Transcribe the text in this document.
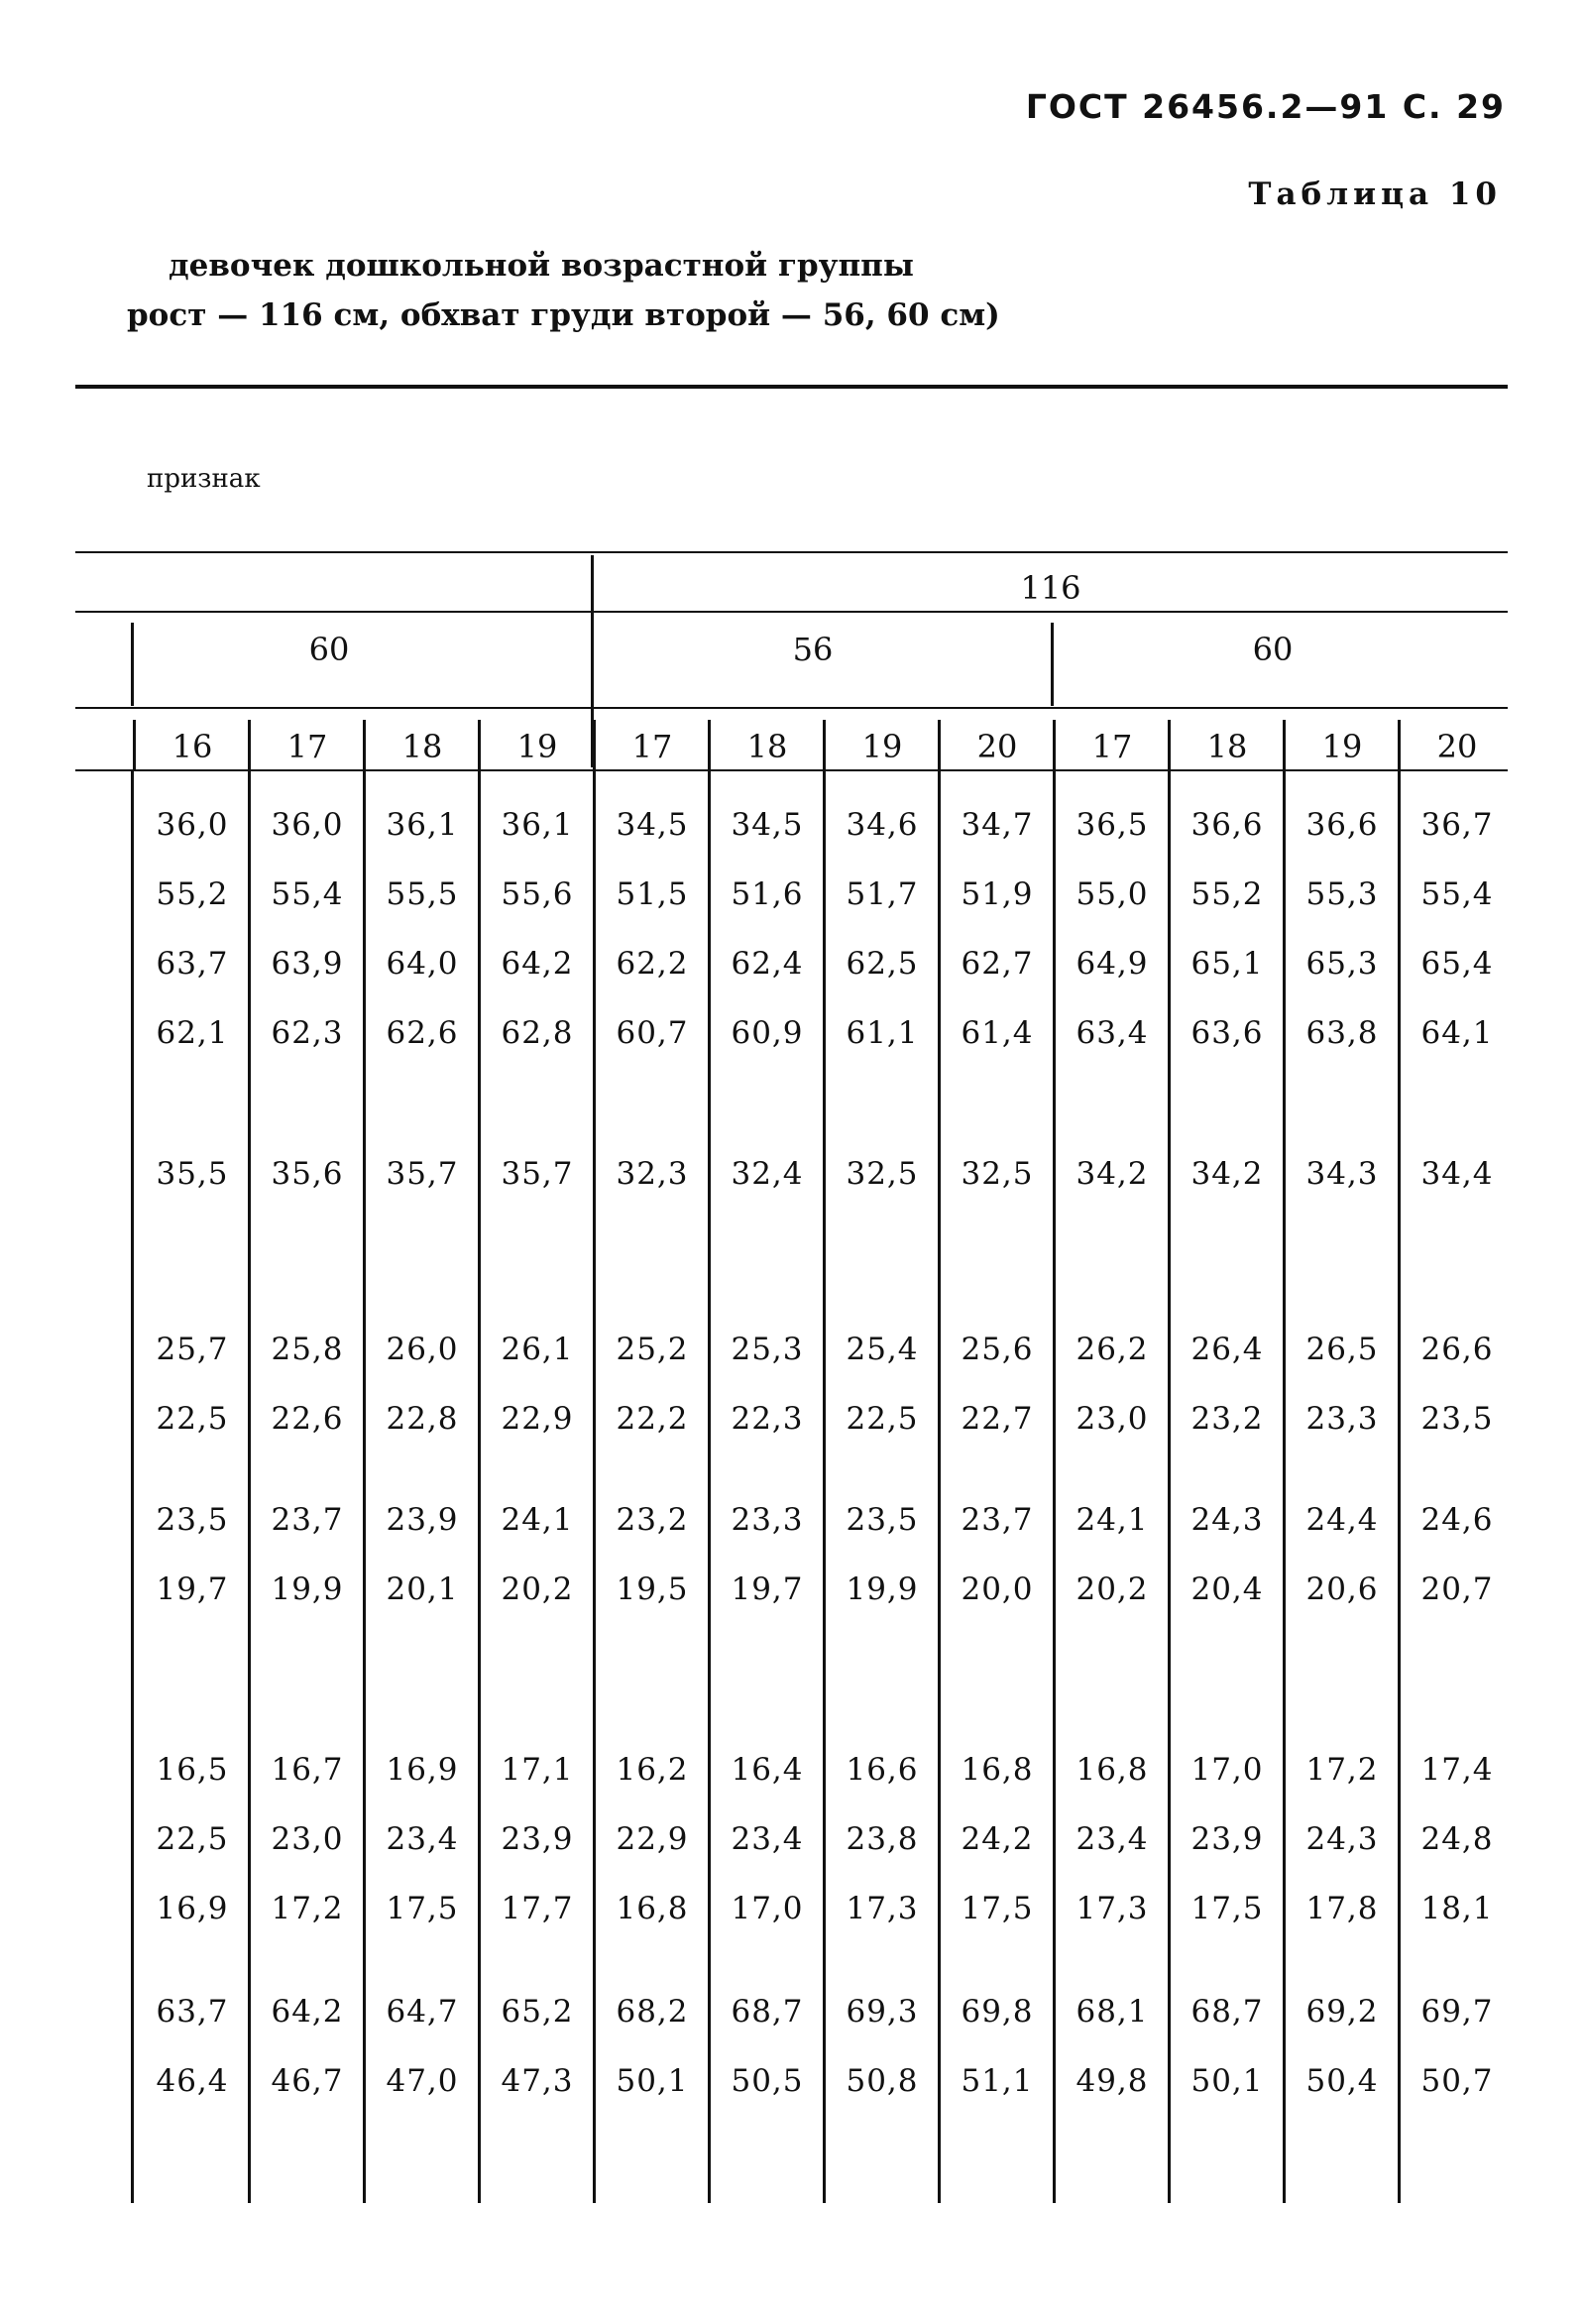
ГОСТ 26456.2—91 С. 29
Таблица 10
девочек дошкольной возрастной группы
рост — 116 см, обхват груди второй — 56, 60 см)
признак
116
60	56	60
16	17	18	19	17	18	19	20	17	18	19	20
36,0	36,0	36,1	36,1	34,5	34,5	34,6	34,7	36,5	36,6	36,6	36,7
55,2	55,4	55,5	55,6	51,5	51,6	51,7	51,9	55,0	55,2	55,3	55,4
63,7	63,9	64,0	64,2	62,2	62,4	62,5	62,7	64,9	65,1	65,3	65,4
62,1	62,3	62,6	62,8	60,7	60,9	61,1	61,4	63,4	63,6	63,8	64,1
35,5	35,6	35,7	35,7	32,3	32,4	32,5	32,5	34,2	34,2	34,3	34,4
25,7	25,8	26,0	26,1	25,2	25,3	25,4	25,6	26,2	26,4	26,5	26,6
22,5	22,6	22,8	22,9	22,2	22,3	22,5	22,7	23,0	23,2	23,3	23,5
23,5	23,7	23,9	24,1	23,2	23,3	23,5	23,7	24,1	24,3	24,4	24,6
19,7	19,9	20,1	20,2	19,5	19,7	19,9	20,0	20,2	20,4	20,6	20,7
16,5	16,7	16,9	17,1	16,2	16,4	16,6	16,8	16,8	17,0	17,2	17,4
22,5	23,0	23,4	23,9	22,9	23,4	23,8	24,2	23,4	23,9	24,3	24,8
16,9	17,2	17,5	17,7	16,8	17,0	17,3	17,5	17,3	17,5	17,8	18,1
63,7	64,2	64,7	65,2	68,2	68,7	69,3	69,8	68,1	68,7	69,2	69,7
46,4	46,7	47,0	47,3	50,1	50,5	50,8	51,1	49,8	50,1	50,4	50,7
